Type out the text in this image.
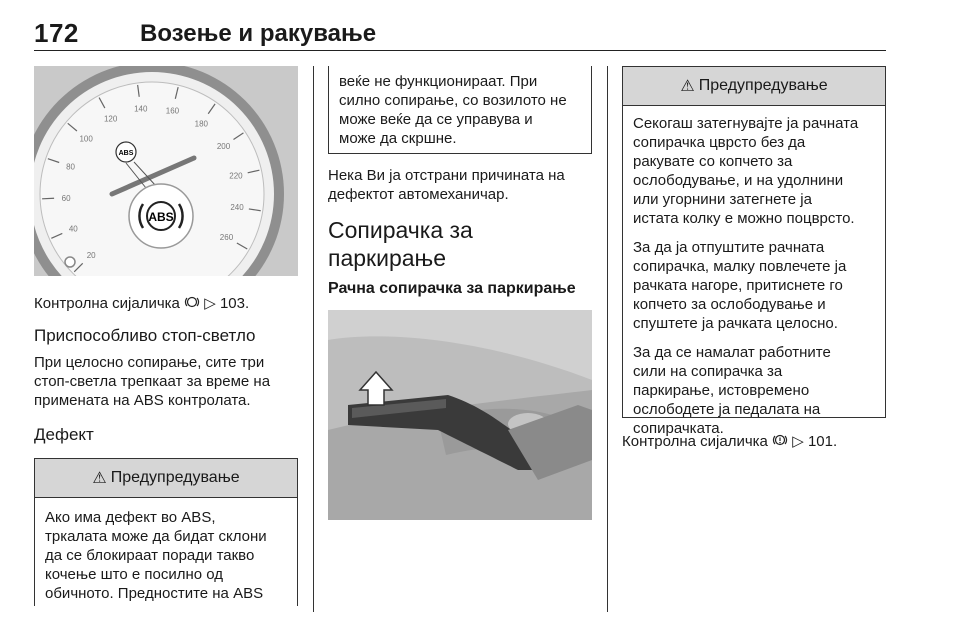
172	Возење и ракување
20
40
60
80
100
120
140 160
180
200
220
240
260
ABS
ABS

Контролна сијаличка ▷ 103.

Приспособливо стоп-светло

При целосно сопирање, сите три

стоп-светла трепкаат за време на

примената на ABS контролата.

Дефект
⚠ Предупредување

Ако има дефект во ABS,

тркалата може да бидат склони

да се блокираат поради такво

кочење што е посилно од

обичното. Предностите на ABS

веќе не функционираат. При

силно сопирање, со возилото не

може веќе да се управува и

може да скршне.

Нека Ви ја отстрани причината на

дефектот автомеханичар.

Сопирачка за паркирање
Рачна сопирачка за паркирање
⚠ Предупредување

Секогаш затегнувајте ја рачната

сопирачка цврсто без да

ракувате со копчето за

ослободување, и на удолнини

или угорнини затегнете ја

истата колку е можно поцврсто.

За да ја отпуштите рачната

сопирачка, малку повлечете ја

рачката нагоре, притиснете го

копчето за ослободување и

спуштете ја рачката целосно.

За да се намалат работните

сили на сопирачка за

паркирање, истовремено

ослободете ја педалата на

сопирачката.

Контролна сијаличка ▷ 101.
